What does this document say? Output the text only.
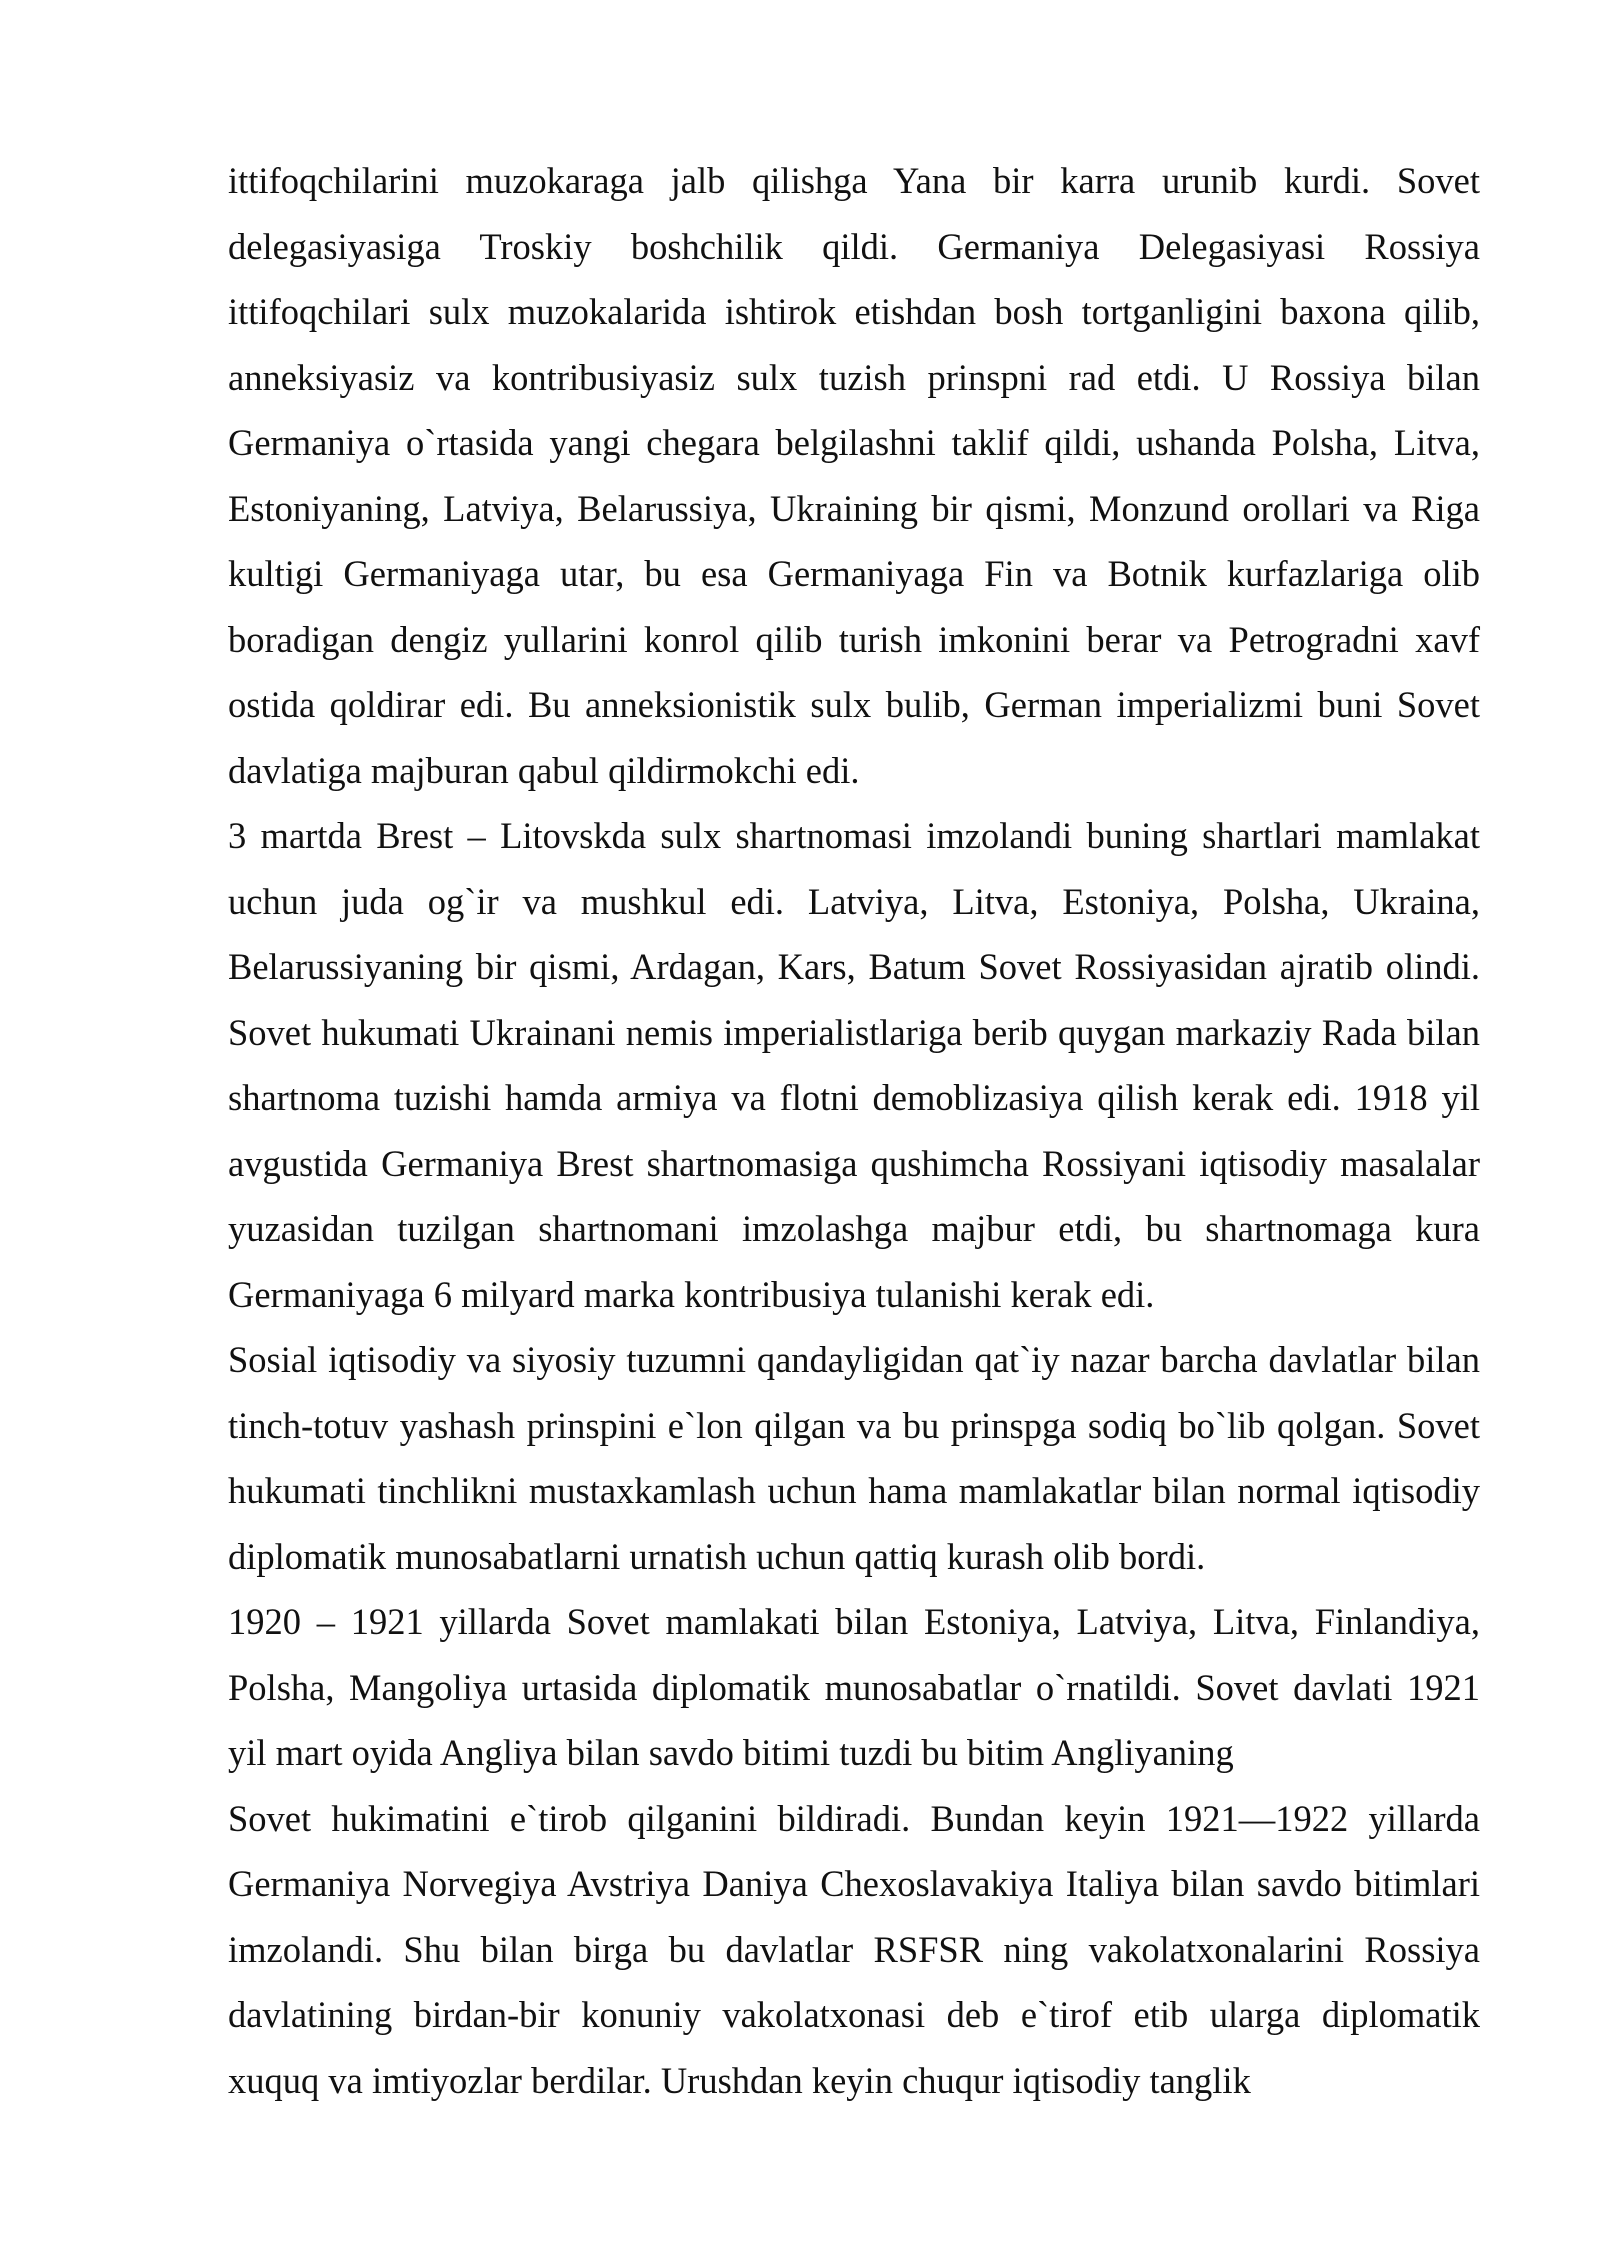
ittifoqchilarini muzokaraga jalb qilishga Yana bir karra urunib kurdi. Sovet delegasiyasiga Troskiy boshchilik qildi. Germaniya Delegasiyasi Rossiya ittifoqchilari sulx muzokalarida ishtirok etishdan bosh tortganligini baxona qilib, anneksiyasiz va kontribusiyasiz sulx tuzish prinspni rad etdi. U Rossiya bilan Germaniya o`rtasida yangi chegara belgilashni taklif qildi, ushanda Polsha, Litva, Estoniyaning, Latviya, Belarussiya, Ukraining bir qismi, Monzund orollari va Riga kultigi Germaniyaga utar, bu esa Germaniyaga Fin va Botnik kurfazlariga olib boradigan dengiz yullarini konrol qilib turish imkonini berar va Petrogradni xavf ostida qoldirar edi. Bu anneksionistik sulx bulib, German imperializmi buni Sovet davlatiga majburan qabul qildirmokchi edi.

3 martda Brest – Litovskda sulx shartnomasi imzolandi buning shartlari mamlakat uchun juda og`ir va mushkul edi. Latviya, Litva, Estoniya, Polsha, Ukraina, Belarussiyaning bir qismi, Ardagan, Kars, Batum Sovet Rossiyasidan ajratib olindi. Sovet hukumati Ukrainani nemis imperialistlariga berib quygan markaziy Rada bilan shartnoma tuzishi hamda armiya va flotni demoblizasiya qilish kerak edi. 1918 yil avgustida Germaniya Brest shartnomasiga qushimcha Rossiyani iqtisodiy masalalar yuzasidan tuzilgan shartnomani imzolashga majbur etdi, bu shartnomaga kura Germaniyaga 6 milyard marka kontribusiya tulanishi kerak edi.

Sosial iqtisodiy va siyosiy tuzumni qandayligidan qat`iy nazar barcha davlatlar bilan tinch-totuv yashash prinspini e`lon qilgan va bu prinspga sodiq bo`lib qolgan. Sovet hukumati tinchlikni mustaxkamlash uchun hama mamlakatlar bilan normal iqtisodiy diplomatik munosabatlarni urnatish uchun qattiq kurash olib bordi.

1920 – 1921 yillarda Sovet mamlakati bilan Estoniya, Latviya, Litva, Finlandiya, Polsha, Mangoliya urtasida diplomatik munosabatlar o`rnatildi. Sovet davlati 1921 yil mart oyida Angliya bilan savdo bitimi tuzdi bu bitim Angliyaning

Sovet hukimatini e`tirob qilganini bildiradi. Bundan keyin 1921—1922 yillarda Germaniya Norvegiya Avstriya Daniya Chexoslavakiya Italiya bilan savdo bitimlari imzolandi. Shu bilan birga bu davlatlar RSFSR ning vakolatxonalarini Rossiya davlatining birdan-bir konuniy vakolatxonasi deb e`tirof etib ularga diplomatik xuquq va imtiyozlar berdilar. Urushdan keyin chuqur iqtisodiy tanglik
